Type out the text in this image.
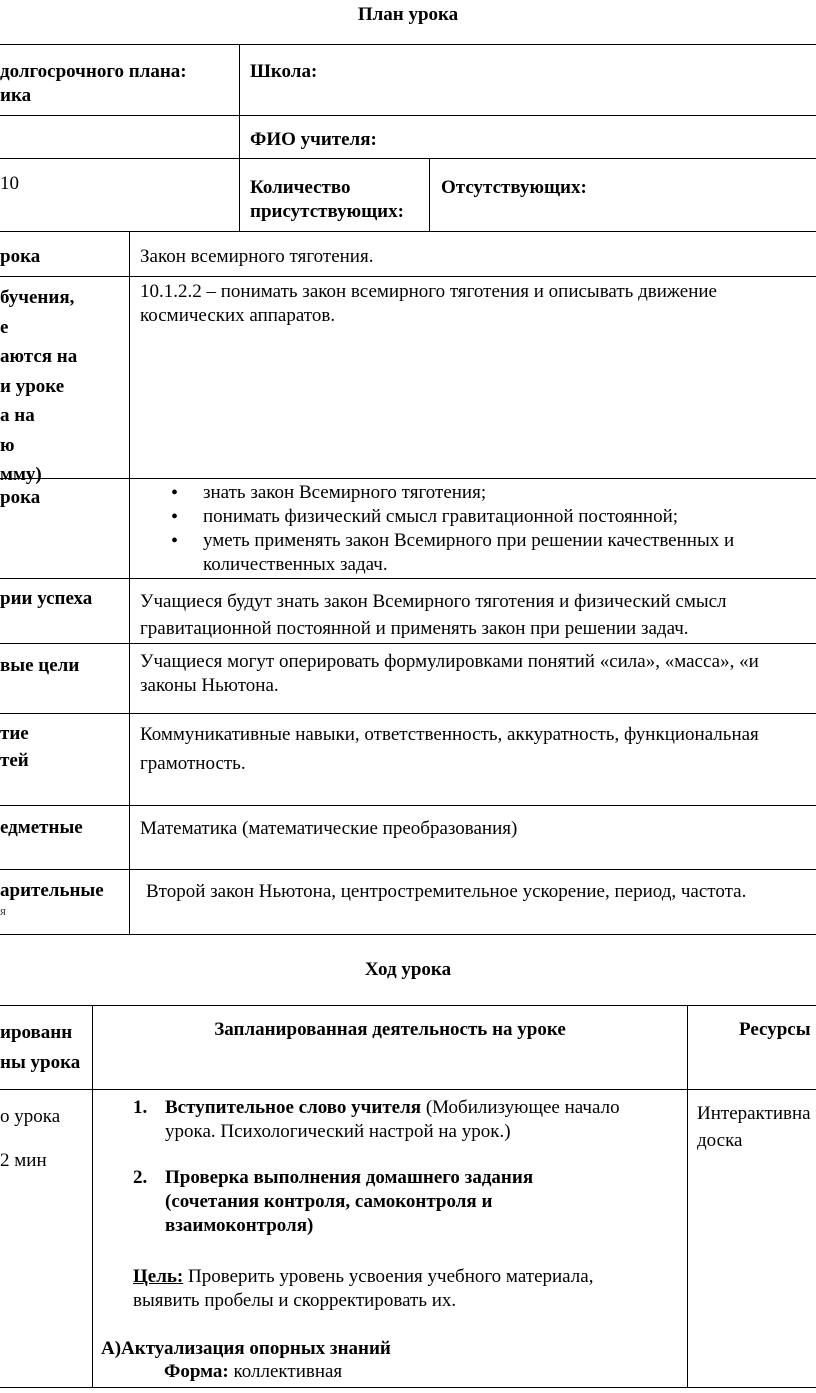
План урока
долгосрочного плана:
ика
Школа:
ФИО учителя:
10	Количество
присутствующих:
Отсутствующих:
рока	Закон всемирного тяготения.
бучения,
е
аются на
и уроке
а на
ю
мму)
10.1.2.2 – понимать закон всемирного тяготения и описывать движение
космических аппаратов.
рока
•	знать закон Всемирного тяготения;
• понимать физический смысл гравитационной постоянной;
• уметь применять закон Всемирного при решении качественных и
количественных задач.
рии успеха	Учащиеся будут знать закон Всемирного тяготения и физический смысл
гравитационной постоянной и применять закон при решении задач.
вые цели	Учащиеся могут оперировать формулировками понятий «сила», «масса», «и
законы Ньютона.
тие
тей
Коммуникативные навыки, ответственность, аккуратность, функциональная
грамотность.
едметные	Математика (математические преобразования)
арительные
я
Второй закон Ньютона, центростремительное ускорение, период, частота.
Ход урока
ированн
ны урока
Запланированная деятельность на уроке	Ресурсы
о урока
2 мин
1. Вступительное слово учителя (Мобилизующее начало
урока. Психологический настрой на урок.)
2. Проверка выполнения домашнего задания
(сочетания контроля, самоконтроля и
взаимоконтроля)
Цель: Проверить уровень усвоения учебного материала,
выявить пробелы и скорректировать их.
А)Актуализация опорных знаний
Форма: коллективная
Интерактивна
доска
